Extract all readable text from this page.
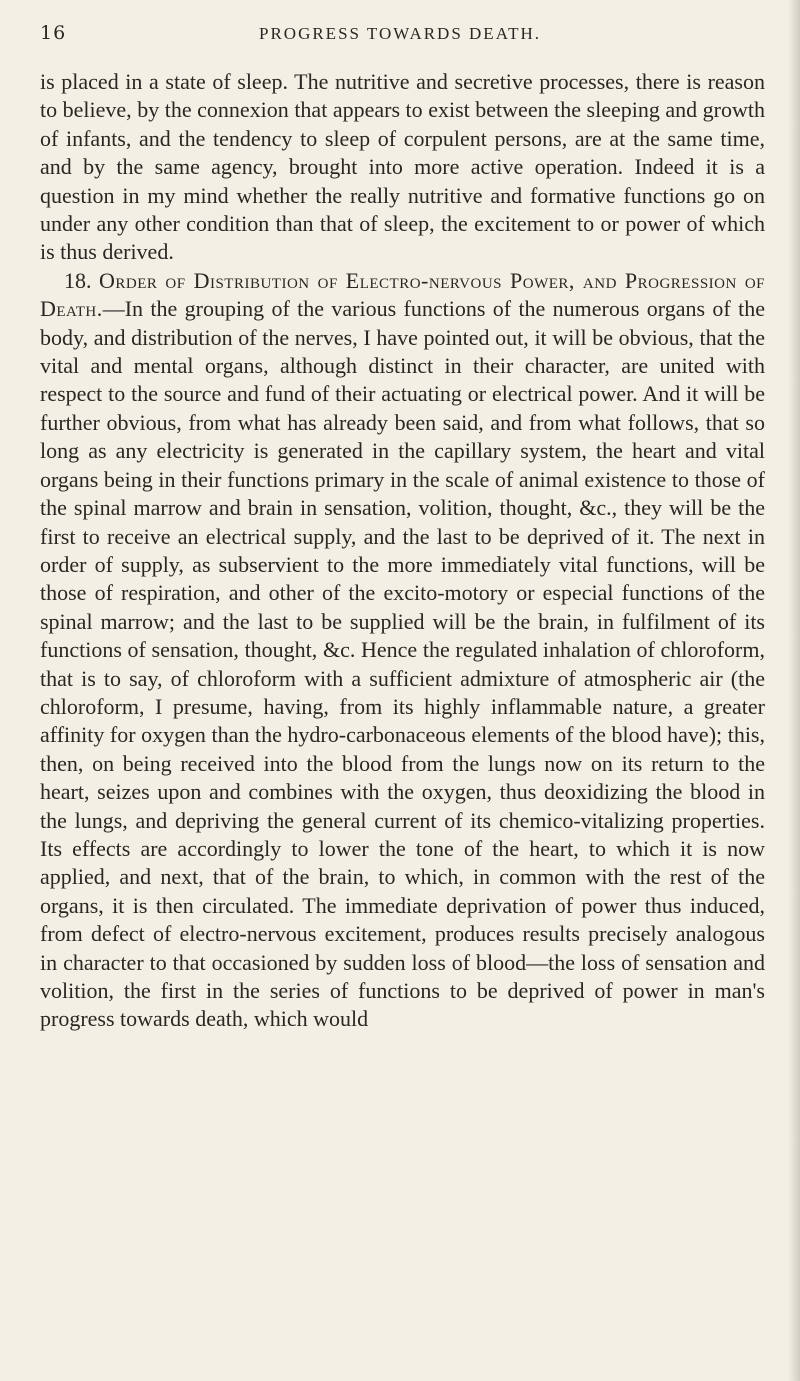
16	PROGRESS TOWARDS DEATH.

is placed in a state of sleep. The nutritive and secretive processes, there is reason to believe, by the connexion that appears to exist between the sleeping and growth of infants, and the tendency to sleep of corpulent persons, are at the same time, and by the same agency, brought into more active operation. Indeed it is a question in my mind whether the really nutritive and formative functions go on under any other condition than that of sleep, the excitement to or power of which is thus derived.

18. Order of Distribution of Electro-nervous Power, and Progression of Death.—In the grouping of the various functions of the numerous organs of the body, and distribution of the nerves, I have pointed out, it will be obvious, that the vital and mental organs, although distinct in their character, are united with respect to the source and fund of their actuating or electrical power. And it will be further obvious, from what has already been said, and from what follows, that so long as any electricity is generated in the capillary system, the heart and vital organs being in their functions primary in the scale of animal existence to those of the spinal marrow and brain in sensation, volition, thought, &c., they will be the first to receive an electrical supply, and the last to be deprived of it. The next in order of supply, as subservient to the more immediately vital functions, will be those of respiration, and other of the excito-motory or especial functions of the spinal marrow; and the last to be supplied will be the brain, in fulfilment of its functions of sensation, thought, &c. Hence the regulated inhalation of chloroform, that is to say, of chloroform with a sufficient admixture of atmospheric air (the chloroform, I presume, having, from its highly inflammable nature, a greater affinity for oxygen than the hydro-carbonaceous elements of the blood have); this, then, on being received into the blood from the lungs now on its return to the heart, seizes upon and combines with the oxygen, thus deoxidizing the blood in the lungs, and depriving the general current of its chemico-vitalizing properties. Its effects are accordingly to lower the tone of the heart, to which it is now applied, and next, that of the brain, to which, in common with the rest of the organs, it is then circulated. The immediate deprivation of power thus induced, from defect of electro-nervous excitement, produces results precisely analogous in character to that occasioned by sudden loss of blood—the loss of sensation and volition, the first in the series of functions to be deprived of power in man's progress towards death, which would
